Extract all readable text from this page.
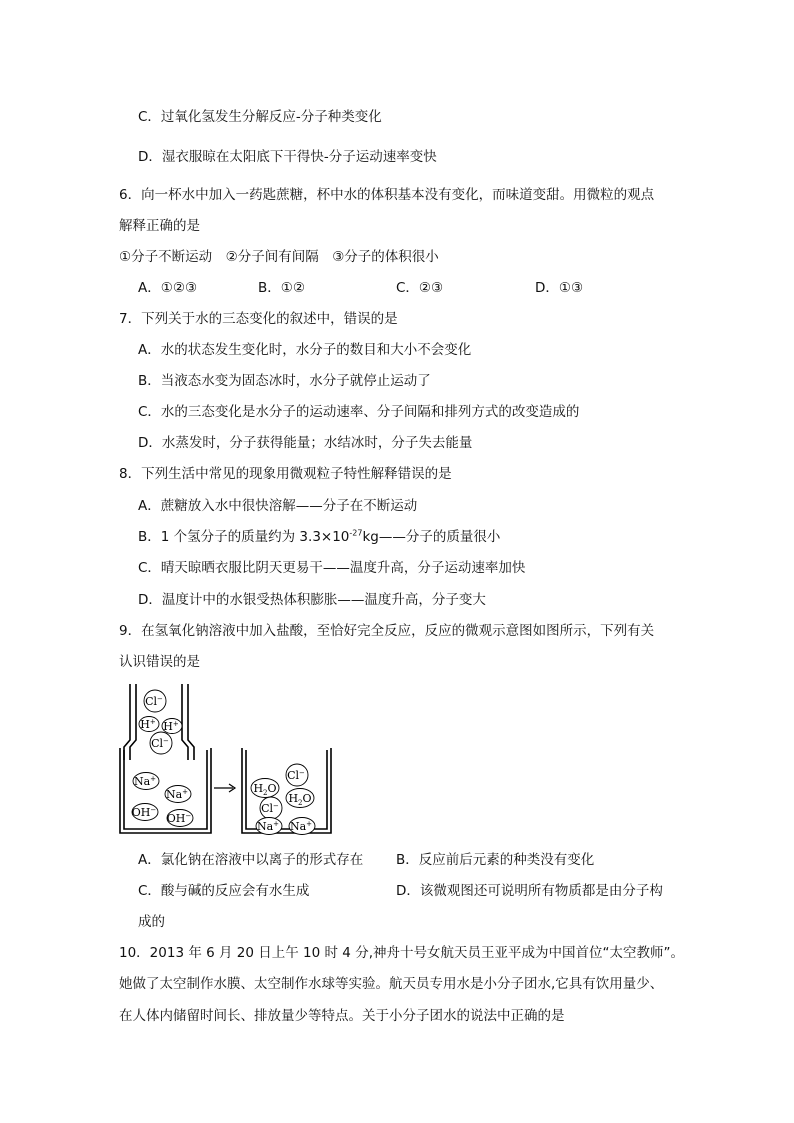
C．过氧化氢发生分解反应-分子种类变化
D．湿衣服晾在太阳底下干得快-分子运动速率变快
6．向一杯水中加入一药匙蔗糖，杯中水的体积基本没有变化，而味道变甜。用微粒的观点
解释正确的是
①分子不断运动　②分子间有间隔　③分子的体积很小
A．①②③	B．①②	C．②③	D．①③
7．下列关于水的三态变化的叙述中，错误的是
A．水的状态发生变化时，水分子的数目和大小不会变化
B．当液态水变为固态冰时，水分子就停止运动了
C．水的三态变化是水分子的运动速率、分子间隔和排列方式的改变造成的
D．水蒸发时，分子获得能量；水结冰时，分子失去能量
8．下列生活中常见的现象用微观粒子特性解释错误的是
A．蔗糖放入水中很快溶解——分子在不断运动
B．1 个氢分子的质量约为 $3.3\times 10^{-27}kg——$分子的质量很小
C．晴天晾晒衣服比阴天更易干——温度升高，分子运动速率加快
D．温度计中的水银受热体积膨胀——温度升高，分子变大
9．在氢氧化钠溶液中加入盐酸，至恰好完全反应，反应的微观示意图如图所示，下列有关
认识错误的是
Cl−
H+ H+
Cl−
Na+
Na+
OH−
OH−
$H_2O$
Cl−
Cl−
$H_2O$
Na+ Na+
A．氯化钠在溶液中以离子的形式存在 B．反应前后元素的种类没有变化
C．酸与碱的反应会有水生成	D．该微观图还可说明所有物质都是由分子构
成的
10．2013 年 6 月 20 日上午 10 时 4 分,神舟十号女航天员王亚平成为中国首位“太空教师”。
她做了太空制作水膜、太空制作水球等实验。航天员专用水是小分子团水,它具有饮用量少、
在人体内储留时间长、排放量少等特点。关于小分子团水的说法中正确的是
